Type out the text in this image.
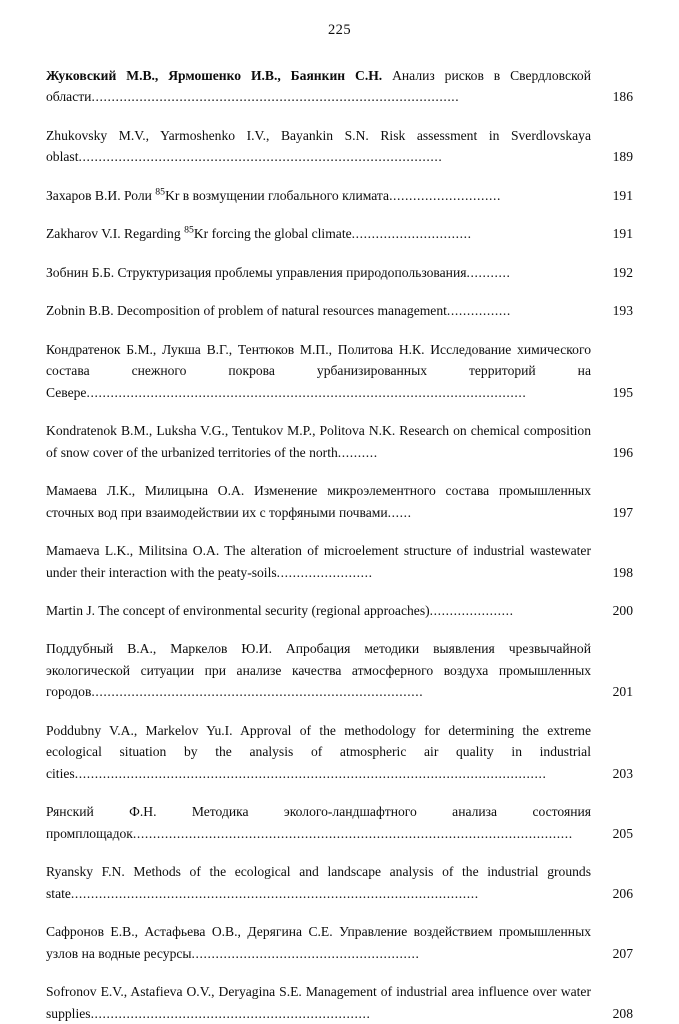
225
Жуковский М.В., Ярмошенко И.В., Баянкин С.Н. Анализ рисков в Свердловской области............................................................................................	186
Zhukovsky M.V., Yarmoshenko I.V., Bayankin S.N. Risk assessment in Sverdlovskaya oblast...........................................................................................	189
Захаров В.И. Роли $^{85}$Kr в возмущении глобального климата............................	191
Zakharov V.I. Regarding $^{85}$Kr forcing the global climate..............................	191
Зобнин Б.Б. Структуризация проблемы управления природопользования...........	192
Zobnin B.B. Decomposition of problem of natural resources management................	193
Кондратенок Б.М., Лукша В.Г., Тентюков М.П., Политова Н.К. Исследование химического состава снежного покрова урбанизированных территорий на Севере..............................................................................................................	195
Kondratenok B.M., Luksha V.G., Tentukov M.P., Politova N.K. Research on chemical composition of snow cover of the urbanized territories of the north..........	196
Мамаева Л.К., Милицына О.А. Изменение микроэлементного состава промышленных сточных вод при взаимодействии их с торфяными почвами......	197
Mamaeva L.K., Militsina O.A. The alteration of microelement structure of industrial wastewater under their interaction with the peaty-soils........................	198
Martin J. The concept of environmental security (regional approaches).....................	200
Поддубный В.А., Маркелов Ю.И. Апробация методики выявления чрезвычайной экологической ситуации при анализе качества атмосферного воздуха промышленных городов...................................................................................	201
Poddubny V.A., Markelov Yu.I. Approval of the methodology for determining the extreme ecological situation by the analysis of atmospheric air quality in industrial cities......................................................................................................................	203
Рянский Ф.Н. Методика эколого-ландшафтного анализа состояния промплощадок..............................................................................................................	205
Ryansky F.N. Methods of the ecological and landscape analysis of the industrial grounds state......................................................................................................	206
Сафронов Е.В., Астафьева О.В., Дерягина С.Е. Управление воздействием промышленных узлов на водные ресурсы.........................................................	207
Sofronov E.V., Astafieva O.V., Deryagina S.E. Management of industrial area influence over water supplies......................................................................	208
